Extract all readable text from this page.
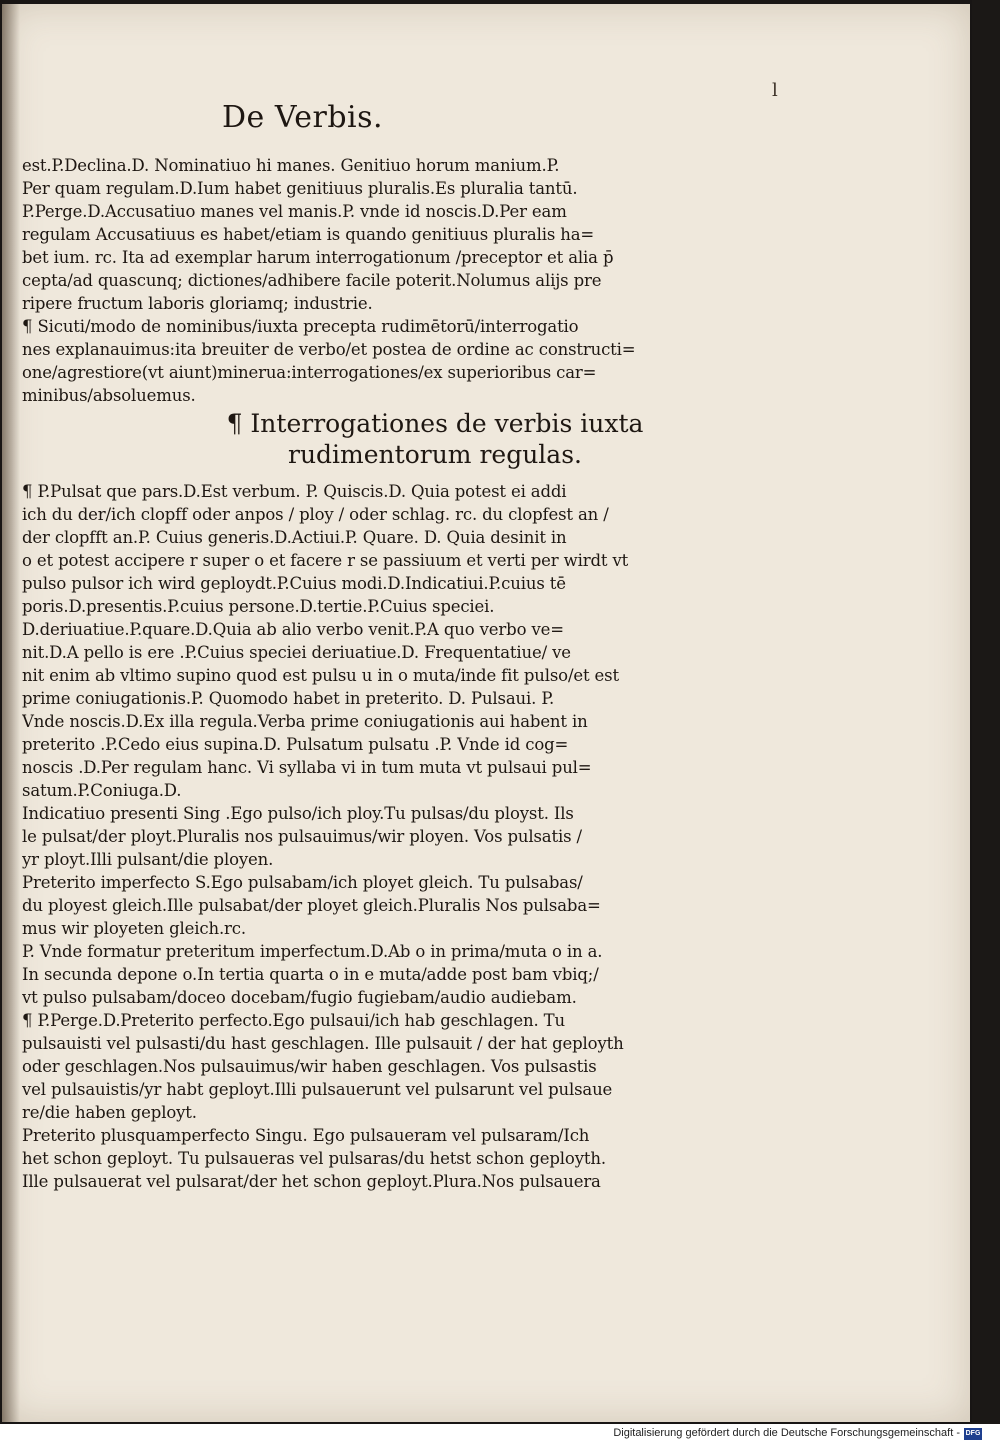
l
De Verbis.
est.P.Declina.D. Nominatiuo hi manes. Genitiuo horum manium.P.
Per quam regulam.D.Ium habet genitiuus pluralis.Es pluralia tantū.
P.Perge.D.Accusatiuo manes vel manis.P. vnde id noscis.D.Per eam
regulam Accusatiuus es habet/etiam is quando genitiuus pluralis ha=
bet ium. rc. Ita ad exemplar harum interrogationum /preceptor et alia p̄
cepta/ad quascunq; dictiones/adhibere facile poterit.Nolumus alijs pre
ripere fructum laboris gloriamq; industrie.
¶ Sicuti/modo de nominibus/iuxta precepta rudimētorū/interrogatio
nes explanauimus:ita breuiter de verbo/et postea de ordine ac constructi=
one/agrestiore(vt aiunt)minerua:interrogationes/ex superioribus car=
minibus/absoluemus.
¶ Interrogationes de verbis iuxta
rudimentorum regulas.
¶ P.Pulsat que pars.D.Est verbum. P. Quiscis.D. Quia potest ei addi
ich du der/ich clopff oder anpos / ploy / oder schlag. rc. du clopfest an /
der clopfft an.P. Cuius generis.D.Actiui.P. Quare. D. Quia desinit in
o et potest accipere r super o et facere r se passiuum et verti per wirdt vt
pulso pulsor ich wird geploydt.P.Cuius modi.D.Indicatiui.P.cuius tē
poris.D.presentis.P.cuius persone.D.tertie.P.Cuius speciei.
D.deriuatiue.P.quare.D.Quia ab alio verbo venit.P.A quo verbo ve=
nit.D.A pello is ere .P.Cuius speciei deriuatiue.D. Frequentatiue/ ve
nit enim ab vltimo supino quod est pulsu u in o muta/inde fit pulso/et est
prime coniugationis.P. Quomodo habet in preterito. D. Pulsaui. P.
Vnde noscis.D.Ex illa regula.Verba prime coniugationis aui habent in
preterito .P.Cedo eius supina.D. Pulsatum pulsatu .P. Vnde id cog=
noscis .D.Per regulam hanc. Vi syllaba vi in tum muta vt pulsaui pul=
satum.P.Coniuga.D.
Indicatiuo presenti Sing .Ego pulso/ich ploy.Tu pulsas/du ployst. Ils
le pulsat/der ployt.Pluralis nos pulsauimus/wir ployen. Vos pulsatis /
yr ployt.Illi pulsant/die ployen.
Preterito imperfecto S.Ego pulsabam/ich ployet gleich. Tu pulsabas/
du ployest gleich.Ille pulsabat/der ployet gleich.Pluralis Nos pulsaba=
mus wir ployeten gleich.rc.
P. Vnde formatur preteritum imperfectum.D.Ab o in prima/muta o in a.
In secunda depone o.In tertia quarta o in e muta/adde post bam vbiq;/
vt pulso pulsabam/doceo docebam/fugio fugiebam/audio audiebam.
¶ P.Perge.D.Preterito perfecto.Ego pulsaui/ich hab geschlagen. Tu
pulsauisti vel pulsasti/du hast geschlagen. Ille pulsauit / der hat geployth
oder geschlagen.Nos pulsauimus/wir haben geschlagen. Vos pulsastis
vel pulsauistis/yr habt geployt.Illi pulsauerunt vel pulsarunt vel pulsaue
re/die haben geployt.
Preterito plusquamperfecto Singu. Ego pulsaueram vel pulsaram/Ich
het schon geployt. Tu pulsaueras vel pulsaras/du hetst schon geployth.
Ille pulsauerat vel pulsarat/der het schon geployt.Plura.Nos pulsauera
Digitalisierung gefördert durch die Deutsche Forschungsgemeinschaft - DFG
